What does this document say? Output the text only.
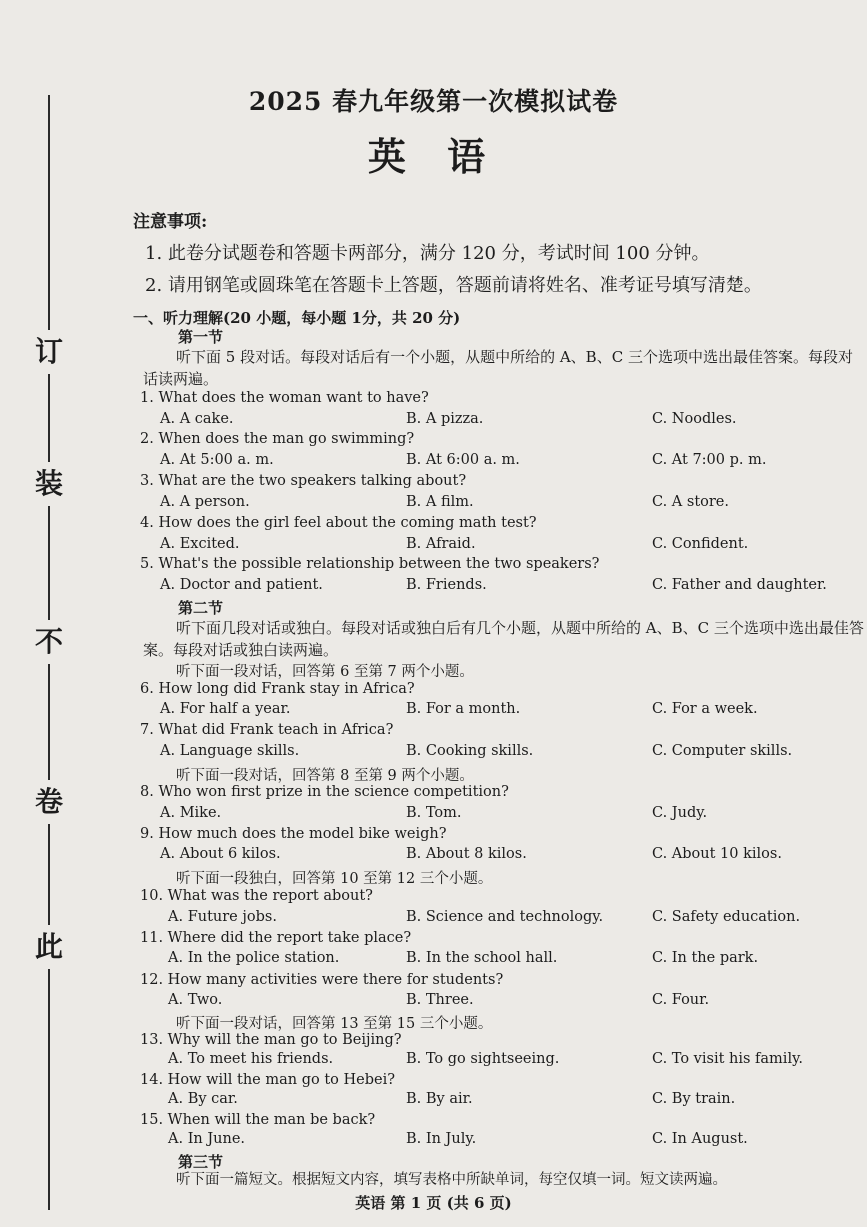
订
装
不
卷
此
2025 春九年级第一次模拟试卷
英 语
注意事项:
1. 此卷分试题卷和答题卡两部分，满分 120 分，考试时间 100 分钟。
2. 请用钢笔或圆珠笔在答题卡上答题，答题前请将姓名、准考证号填写清楚。
一、听力理解(20 小题，每小题 1分，共 20 分)
第一节
听下面 5 段对话。每段对话后有一个小题，从题中所给的 A、B、C 三个选项中选出最佳答案。每段对话读两遍。
1. What does the woman want to have?
A. A cake.	B. A pizza.	C. Noodles.
2. When does the man go swimming?
A. At 5:00 a. m.	B. At 6:00 a. m.	C. At 7:00 p. m.
3. What are the two speakers talking about?
A. A person.	B. A film.	C. A store.
4. How does the girl feel about the coming math test?
A. Excited.	B. Afraid.	C. Confident.
5. What's the possible relationship between the two speakers?
A. Doctor and patient.	B. Friends.	C. Father and daughter.
第二节
听下面几段对话或独白。每段对话或独白后有几个小题，从题中所给的 A、B、C 三个选项中选出最佳答案。每段对话或独白读两遍。
听下面一段对话，回答第 6 至第 7 两个小题。
6. How long did Frank stay in Africa?
A. For half a year.	B. For a month.	C. For a week.
7. What did Frank teach in Africa?
A. Language skills.	B. Cooking skills.	C. Computer skills.
听下面一段对话，回答第 8 至第 9 两个小题。
8. Who won first prize in the science competition?
A. Mike.	B. Tom.	C. Judy.
9. How much does the model bike weigh?
A. About 6 kilos.	B. About 8 kilos.	C. About 10 kilos.
听下面一段独白，回答第 10 至第 12 三个小题。
10. What was the report about?
A. Future jobs.	B. Science and technology.	C. Safety education.
11. Where did the report take place?
A. In the police station.	B. In the school hall.	C. In the park.
12. How many activities were there for students?
A. Two.	B. Three.	C. Four.
听下面一段对话，回答第 13 至第 15 三个小题。
13. Why will the man go to Beijing?
A. To meet his friends.	B. To go sightseeing.	C. To visit his family.
14. How will the man go to Hebei?
A. By car.	B. By air.	C. By train.
15. When will the man be back?
A. In June.	B. In July.	C. In August.
第三节
听下面一篇短文。根据短文内容，填写表格中所缺单词，每空仅填一词。短文读两遍。
英语 第 1 页 (共 6 页)
